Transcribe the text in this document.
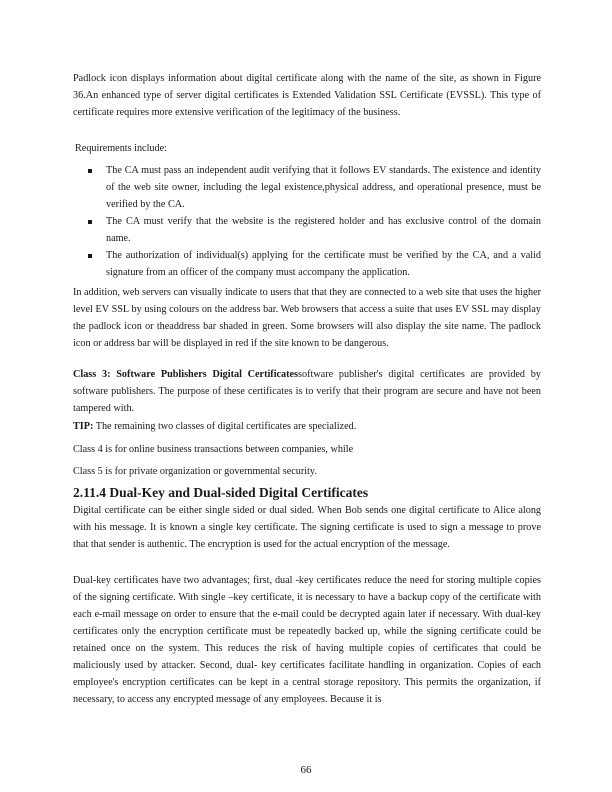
Padlock icon displays information about digital certificate along with the name of the site, as shown in Figure 36.An enhanced type of server digital certificates is Extended Validation SSL Certificate (EVSSL). This type of certificate requires more extensive verification of the legitimacy of the business.

Requirements include:

The CA must pass an independent audit verifying that it follows EV standards. The existence and identity of the web site owner, including the legal existence,physical address, and operational presence, must be verified by the CA.
The CA must verify that the website is the registered holder and has exclusive control of the domain name.
The authorization of individual(s) applying for the certificate must be verified by the CA, and a valid signature from an officer of the company must accompany the application.

In addition, web servers can visually indicate to users that that they are connected to a web site that uses the higher level EV SSL by using colours on the address bar. Web browsers that access a suite that uses EV SSL may display the padlock icon or theaddress bar shaded in green. Some browsers will also display the site name. The padlock icon or address bar will be displayed in red if the site known to be dangerous.

Class 3: Software Publishers Digital Certificatessoftware publisher's digital certificates are provided by software publishers. The purpose of these certificates is to verify that their program are secure and have not been tampered with.

TIP: The remaining two classes of digital certificates are specialized.

Class 4 is for online business transactions between companies, while

Class 5 is for private organization or governmental security.

2.11.4 Dual-Key and Dual-sided Digital Certificates

Digital certificate can be either single sided or dual sided. When Bob sends one digital certificate to Alice along with his message. It is known a single key certificate. The signing certificate is used to sign a message to prove that that sender is authentic. The encryption is used for the actual encryption of the message.

Dual-key certificates have two advantages; first, dual -key certificates reduce the need for storing multiple copies of the signing certificate. With single –key certificate, it is necessary to have a backup copy of the certificate with each e-mail message on order to ensure that the e-mail could be decrypted again later if necessary. With dual-key certificates only the encryption certificate must be repeatedly backed up, while the signing certificate could be retained once on the system. This reduces the risk of having multiple copies of certificates that could be maliciously used by attacker. Second, dual- key certificates facilitate handling in organization. Copies of each employee's encryption certificates can be kept in a central storage repository. This permits the organization, if necessary, to access any encrypted message of any employees. Because it is

66
